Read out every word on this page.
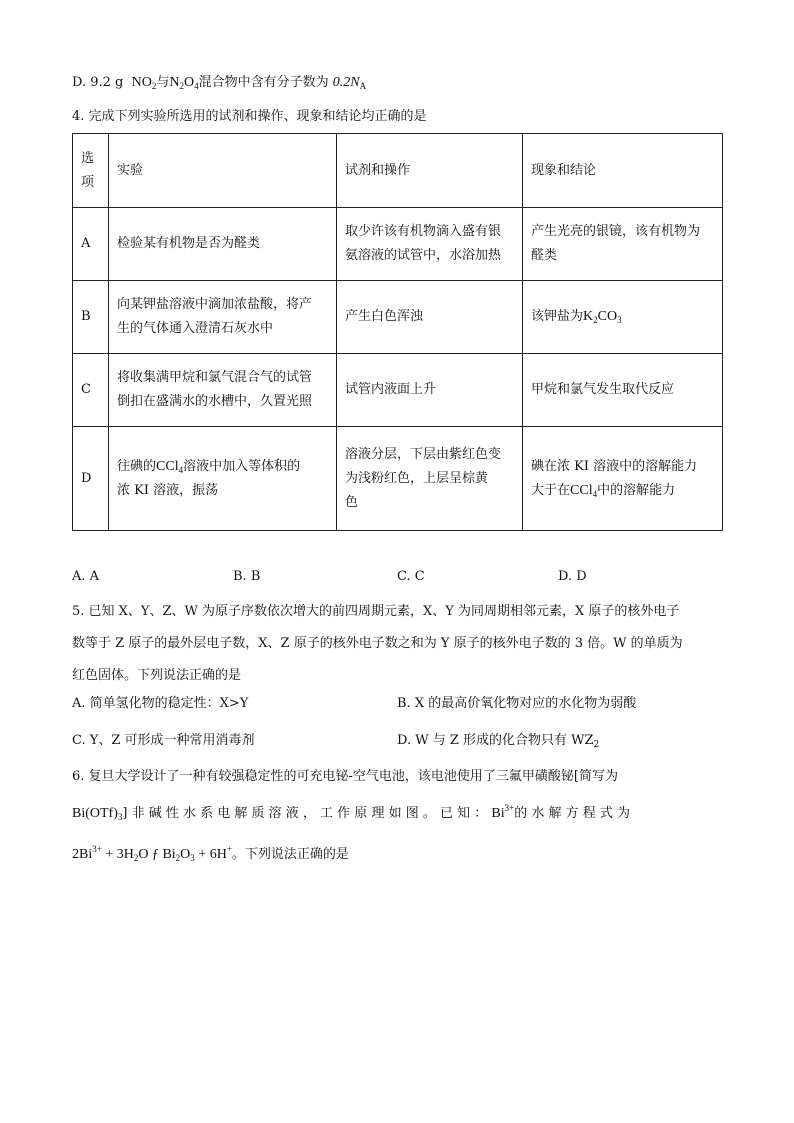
D. 9.2 g $NO_2$与$N_2O_4$混合物中含有分子数为 $0.2N_A$
4. 完成下列实验所选用的试剂和操作、现象和结论均正确的是
选
项	实验	试剂和操作	现象和结论
A	检验某有机物是否为醛类	取少许该有机物滴入盛有银
氨溶液的试管中，水浴加热	产生光亮的银镜，该有机物为
醛类
B	向某钾盐溶液中滴加浓盐酸，将产
生的气体通入澄清石灰水中	产生白色浑浊	该钾盐为$K_2CO_3$
C	将收集满甲烷和氯气混合气的试管
倒扣在盛满水的水槽中，久置光照	试管内液面上升	甲烷和氯气发生取代反应
D	往碘的CCl$_4$溶液中加入等体积的
浓 KI 溶液，振荡	溶液分层，下层由紫红色变
为浅粉红色，上层呈棕黄
色	碘在浓 KI 溶液中的溶解能力
大于在CCl$_4$中的溶解能力
A. A	B. B	C. C	D. D
5. 已知 X、Y、Z、W 为原子序数依次增大的前四周期元素，X、Y 为同周期相邻元素，X 原子的核外电子
数等于 Z 原子的最外层电子数，X、Z 原子的核外电子数之和为 Y 原子的核外电子数的 3 倍。W 的单质为
红色固体。下列说法正确的是
A. 简单氢化物的稳定性：X>Y	B. X 的最高价氧化物对应的水化物为弱酸
C. Y、Z 可形成一种常用消毒剂	D. W 与 Z 形成的化合物只有 $WZ_2$
6. 复旦大学设计了一种有较强稳定性的可充电铋-空气电池，该电池使用了三氟甲磺酸铋[简写为
$Bi(OTf)_3$] 非 碱 性 水 系 电 解 质 溶 液 ， 工 作 原 理 如 图 。 已 知 ： $Bi^{3+}$的 水 解 方 程 式 为
$2Bi^{3+} + 3H_2O$ ƒ $Bi_2O_3 + 6H^+$。下列说法正确的是
